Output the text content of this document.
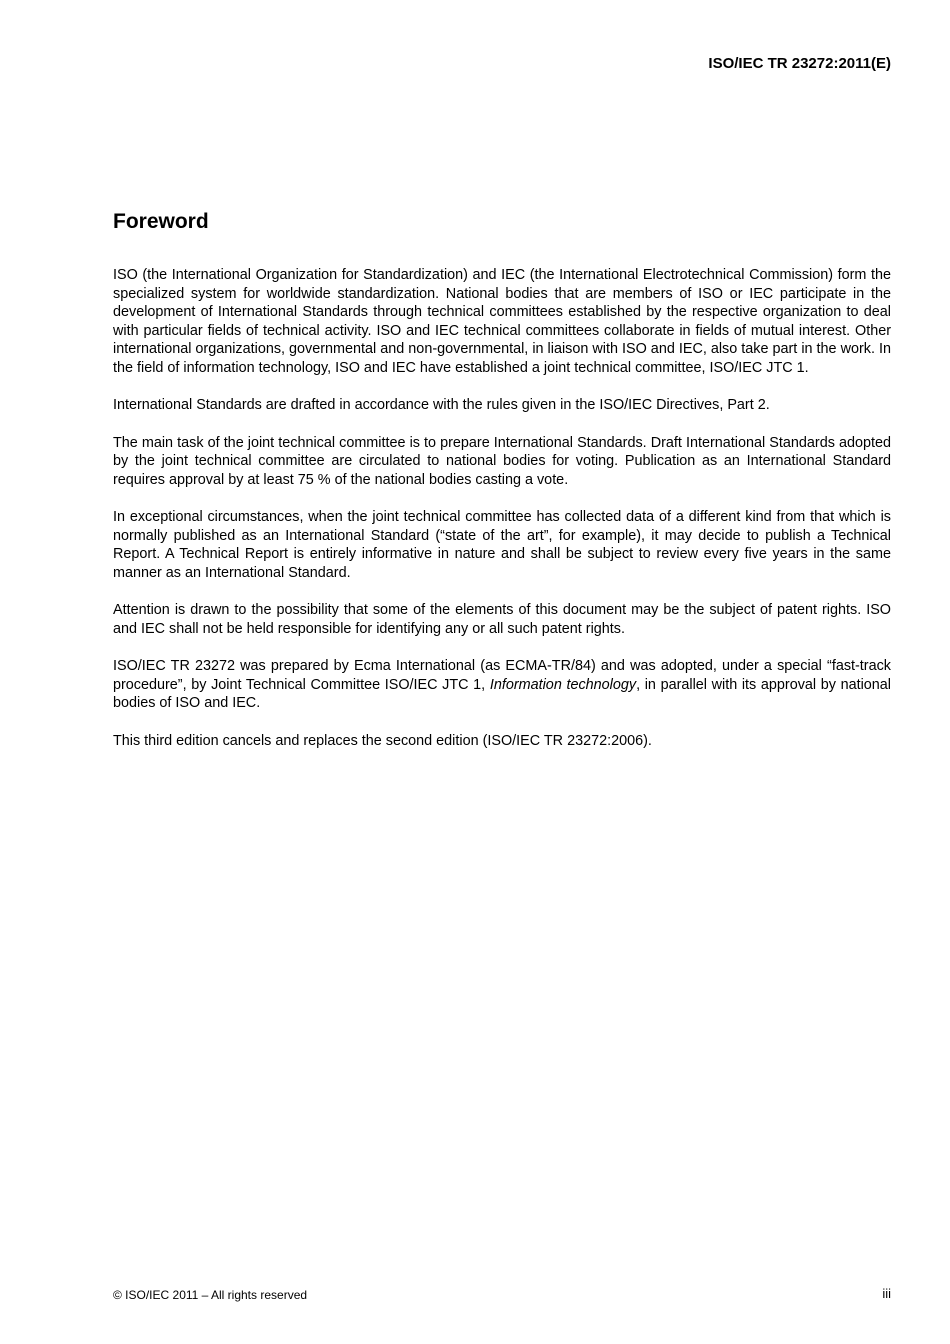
ISO/IEC TR 23272:2011(E)
Foreword

ISO (the International Organization for Standardization) and IEC (the International Electrotechnical Commission) form the specialized system for worldwide standardization. National bodies that are members of ISO or IEC participate in the development of International Standards through technical committees established by the respective organization to deal with particular fields of technical activity. ISO and IEC technical committees collaborate in fields of mutual interest. Other international organizations, governmental and non-governmental, in liaison with ISO and IEC, also take part in the work. In the field of information technology, ISO and IEC have established a joint technical committee, ISO/IEC JTC 1.

International Standards are drafted in accordance with the rules given in the ISO/IEC Directives, Part 2.

The main task of the joint technical committee is to prepare International Standards. Draft International Standards adopted by the joint technical committee are circulated to national bodies for voting. Publication as an International Standard requires approval by at least 75 % of the national bodies casting a vote.

In exceptional circumstances, when the joint technical committee has collected data of a different kind from that which is normally published as an International Standard (“state of the art”, for example), it may decide to publish a Technical Report. A Technical Report is entirely informative in nature and shall be subject to review every five years in the same manner as an International Standard.

Attention is drawn to the possibility that some of the elements of this document may be the subject of patent rights. ISO and IEC shall not be held responsible for identifying any or all such patent rights.

ISO/IEC TR 23272 was prepared by Ecma International (as ECMA-TR/84) and was adopted, under a special “fast-track procedure”, by Joint Technical Committee ISO/IEC JTC 1, Information technology, in parallel with its approval by national bodies of ISO and IEC.

This third edition cancels and replaces the second edition (ISO/IEC TR 23272:2006).

© ISO/IEC 2011 – All rights reserved	iii
